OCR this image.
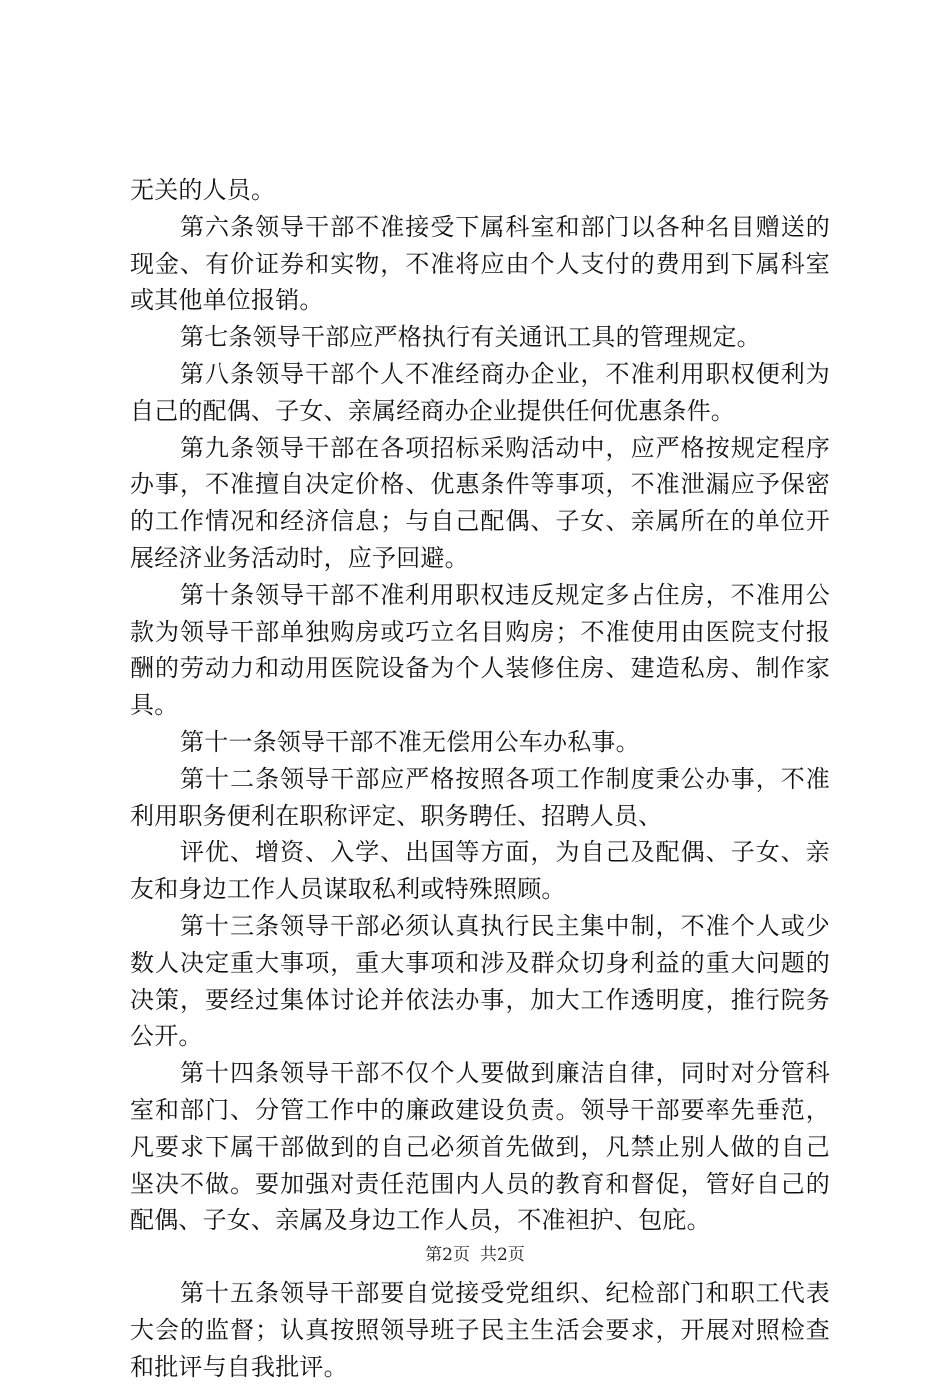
无关的人员。

第六条领导干部不准接受下属科室和部门以各种名目赠送的现金、有价证券和实物，不准将应由个人支付的费用到下属科室或其他单位报销。

第七条领导干部应严格执行有关通讯工具的管理规定。

第八条领导干部个人不准经商办企业，不准利用职权便利为自己的配偶、子女、亲属经商办企业提供任何优惠条件。

第九条领导干部在各项招标采购活动中，应严格按规定程序办事，不准擅自决定价格、优惠条件等事项，不准泄漏应予保密的工作情况和经济信息；与自己配偶、子女、亲属所在的单位开展经济业务活动时，应予回避。

第十条领导干部不准利用职权违反规定多占住房，不准用公款为领导干部单独购房或巧立名目购房；不准使用由医院支付报酬的劳动力和动用医院设备为个人装修住房、建造私房、制作家具。

第十一条领导干部不准无偿用公车办私事。

第十二条领导干部应严格按照各项工作制度秉公办事，不准利用职务便利在职称评定、职务聘任、招聘人员、

评优、增资、入学、出国等方面，为自己及配偶、子女、亲友和身边工作人员谋取私利或特殊照顾。

第十三条领导干部必须认真执行民主集中制，不准个人或少数人决定重大事项，重大事项和涉及群众切身利益的重大问题的决策，要经过集体讨论并依法办事，加大工作透明度，推行院务公开。

第十四条领导干部不仅个人要做到廉洁自律，同时对分管科室和部门、分管工作中的廉政建设负责。领导干部要率先垂范，凡要求下属干部做到的自己必须首先做到，凡禁止别人做的自己坚决不做。要加强对责任范围内人员的教育和督促，管好自己的配偶、子女、亲属及身边工作人员，不准袒护、包庇。

第十五条领导干部要自觉接受党组织、纪检部门和职工代表大会的监督；认真按照领导班子民主生活会要求，开展对照检查和批评与自我批评。

第2页 共2页
